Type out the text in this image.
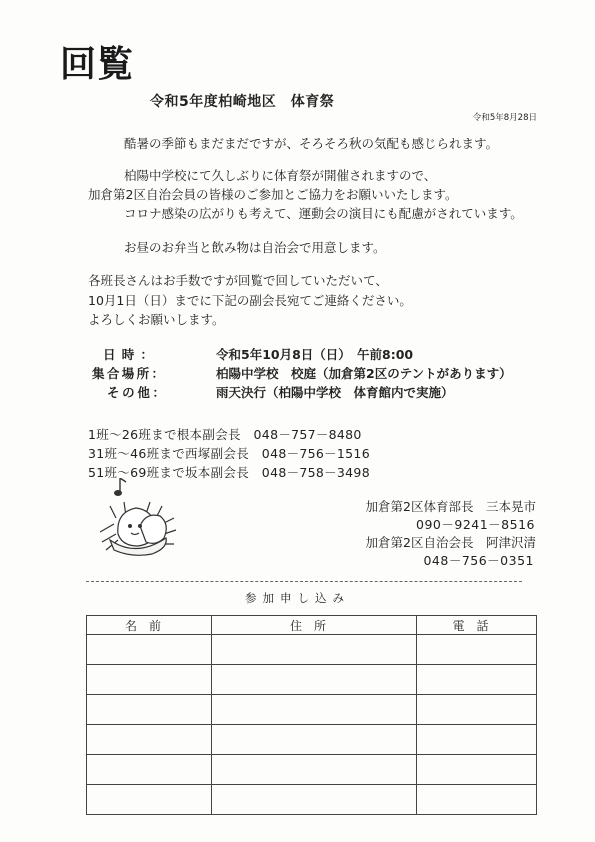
回覧
令和5年度柏崎地区　体育祭
令和5年8月28日
酷暑の季節もまだまだですが、そろそろ秋の気配も感じられます。
柏陽中学校にて久しぶりに体育祭が開催されますので、
加倉第2区自治会員の皆様のご参加とご協力をお願いいたします。
コロナ感染の広がりも考えて、運動会の演目にも配慮がされています。
お昼のお弁当と飲み物は自治会で用意します。
各班長さんはお手数ですが回覧で回していただいて、
10月1日（日）までに下記の副会長宛てご連絡ください。
よろしくお願いします。
日時：	令和5年10月8日（日）　午前8:00
集合場所：	柏陽中学校　校庭（加倉第2区のテントがあります）
その他：	雨天決行（柏陽中学校　体育館内で実施）
1班～26班まで根本副会長　048－757－8480
31班～46班まで西塚副会長　048－756－1516
51班～69班まで坂本副会長　048－758－3498
加倉第2区体育部長　三本晃市
090－9241－8516
加倉第2区自治会長　阿津沢清
048－756－0351
参加申し込み
名前	住所	電話
